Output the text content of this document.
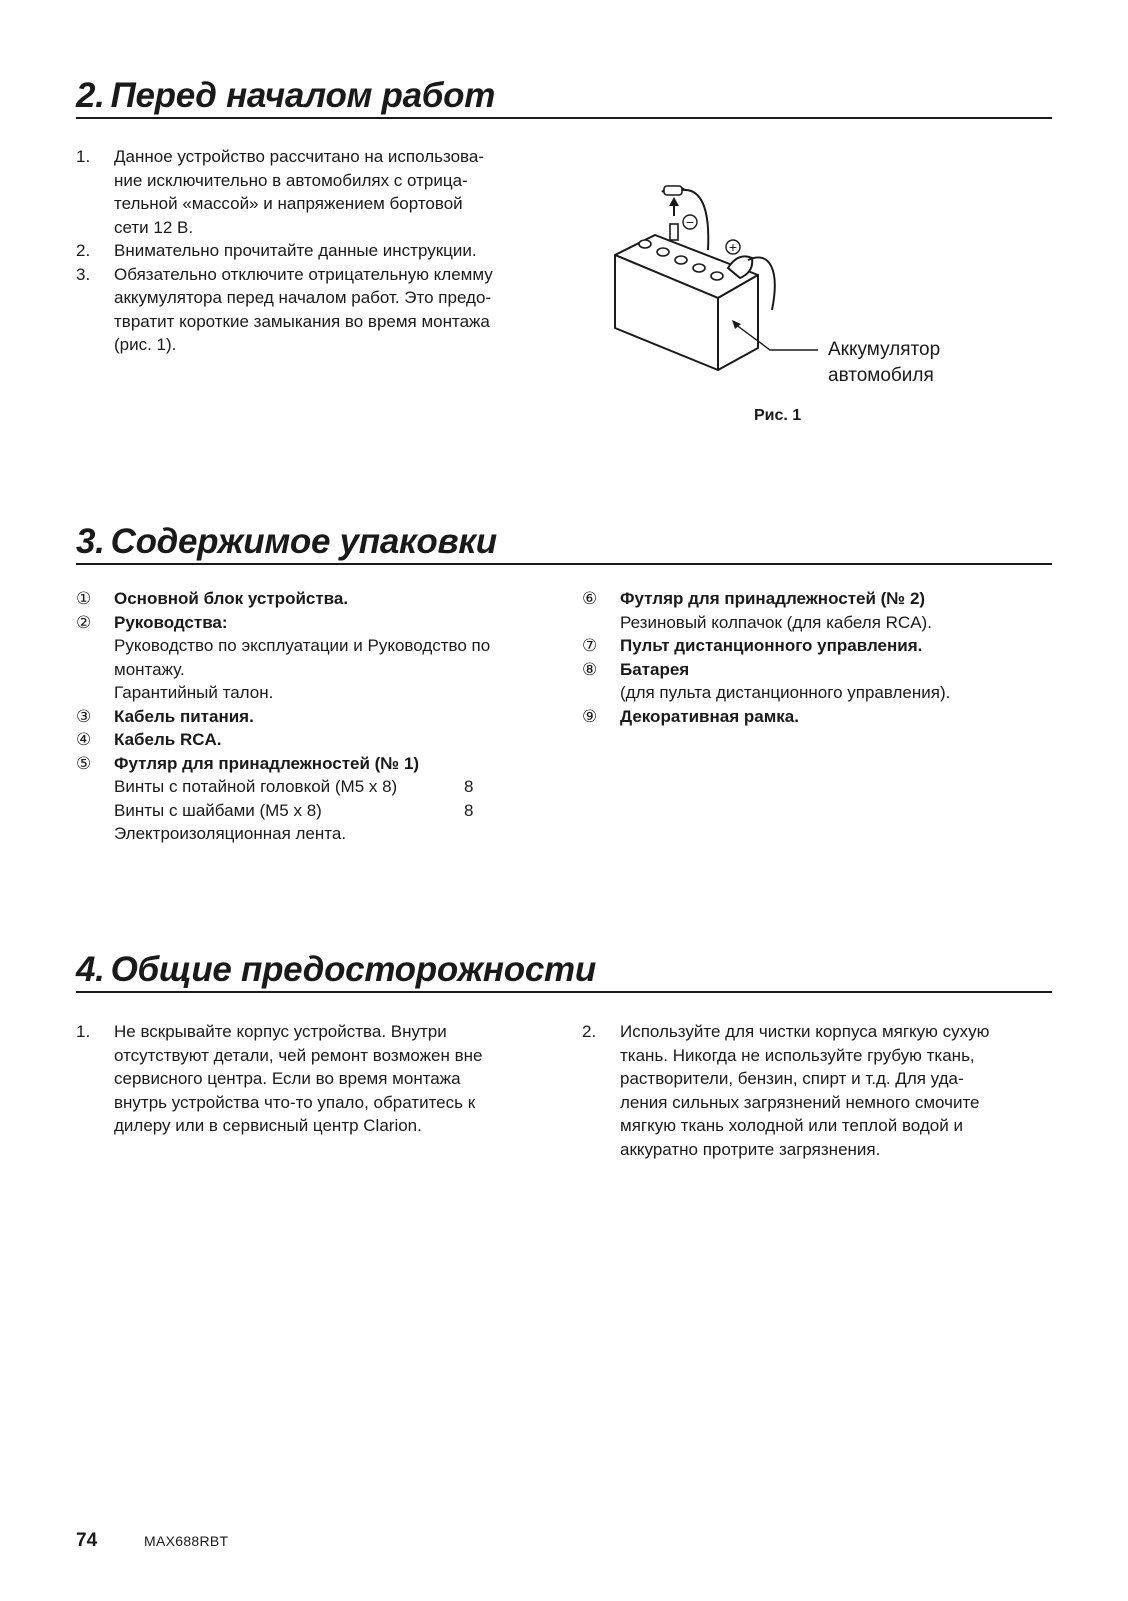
2. Перед началом работ
1.	Данное устройство рассчитано на использова-
ние исключительно в автомобилях с отрица-
тельной «массой» и напряжением бортовой
сети 12 В.
2.	Внимательно прочитайте данные инструкции.
3.	Обязательно отключите отрицательную клемму
аккумулятора перед началом работ. Это предо-
твратит короткие замыкания во время монтажа
(рис. 1).
−
+
Аккумулятор
автомобиля
Рис. 1
3. Содержимое упаковки
①	Основной блок устройства.
②	Руководства:
Руководство по эксплуатации и Руководство по
монтажу.
Гарантийный талон.
③	Кабель питания.
④	Кабель RCA.
⑤	Футляр для принадлежностей (№ 1)
Винты с потайной головкой (M5 x 8)	8
Винты с шайбами (M5 x 8)	8
Электроизоляционная лента.
⑥	Футляр для принадлежностей (№ 2)
Резиновый колпачок (для кабеля RCA).
⑦	Пульт дистанционного управления.
⑧	Батарея
(для пульта дистанционного управления).
⑨	Декоративная рамка.
4. Общие предосторожности
1.	Не вскрывайте корпус устройства. Внутри
отсутствуют детали, чей ремонт возможен вне
сервисного центра. Если во время монтажа
внутрь устройства что-то упало, обратитесь к
дилеру или в сервисный центр Clarion.
2.	Используйте для чистки корпуса мягкую сухую
ткань. Никогда не используйте грубую ткань,
растворители, бензин, спирт и т.д. Для уда-
ления сильных загрязнений немного смочите
мягкую ткань холодной или теплой водой и
аккуратно протрите загрязнения.
74	MAX688RBT
